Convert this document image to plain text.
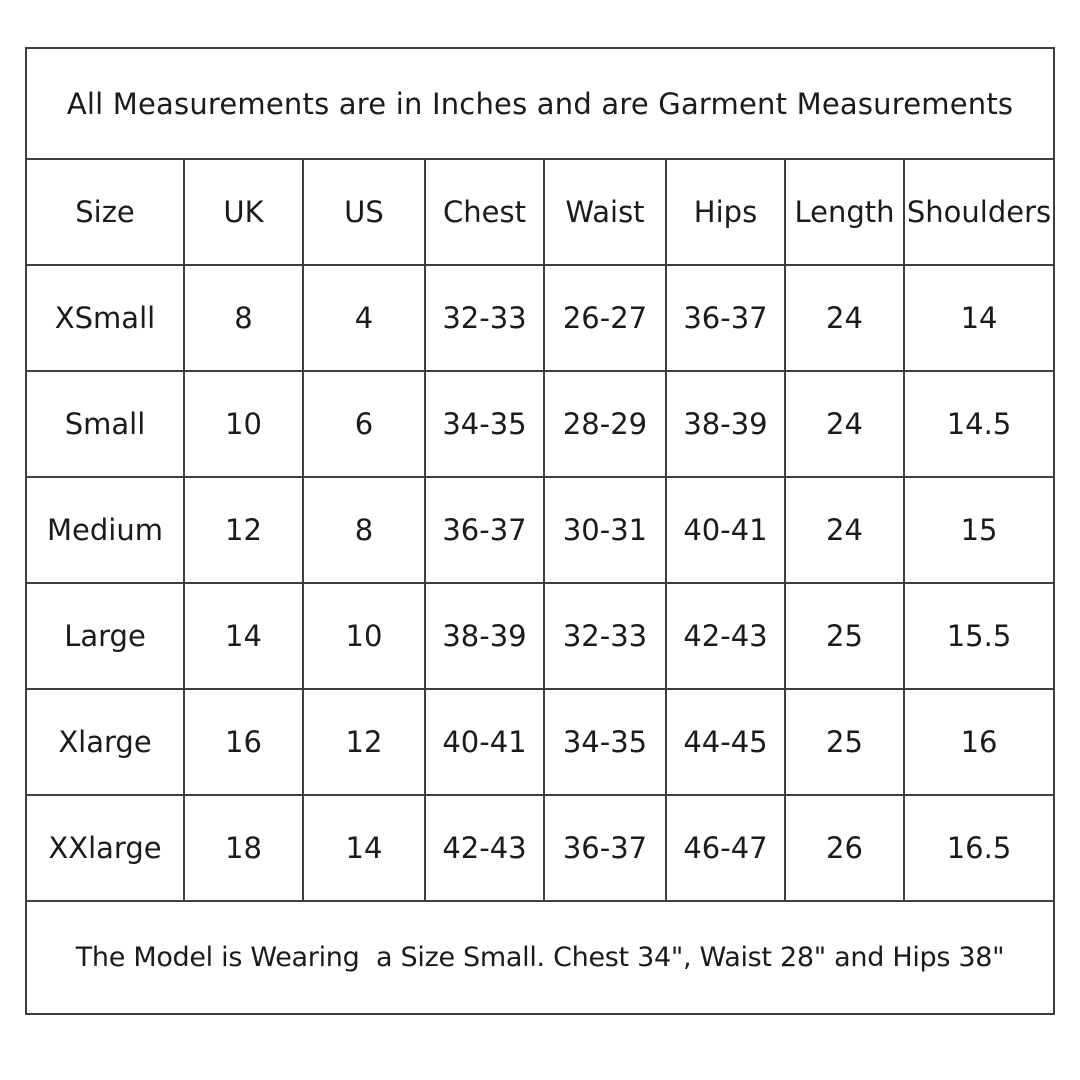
All Measurements are in Inches and are Garment Measurements							
Size	UK	US	Chest	Waist	Hips	Length	Shoulders
XSmall	8	4	32-33	26-27	36-37	24	14
Small	10	6	34-35	28-29	38-39	24	14.5
Medium	12	8	36-37	30-31	40-41	24	15
Large	14	10	38-39	32-33	42-43	25	15.5
Xlarge	16	12	40-41	34-35	44-45	25	16
XXlarge	18	14	42-43	36-37	46-47	26	16.5
The Model is Wearing  a Size Small. Chest 34", Waist 28" and Hips 38"							
